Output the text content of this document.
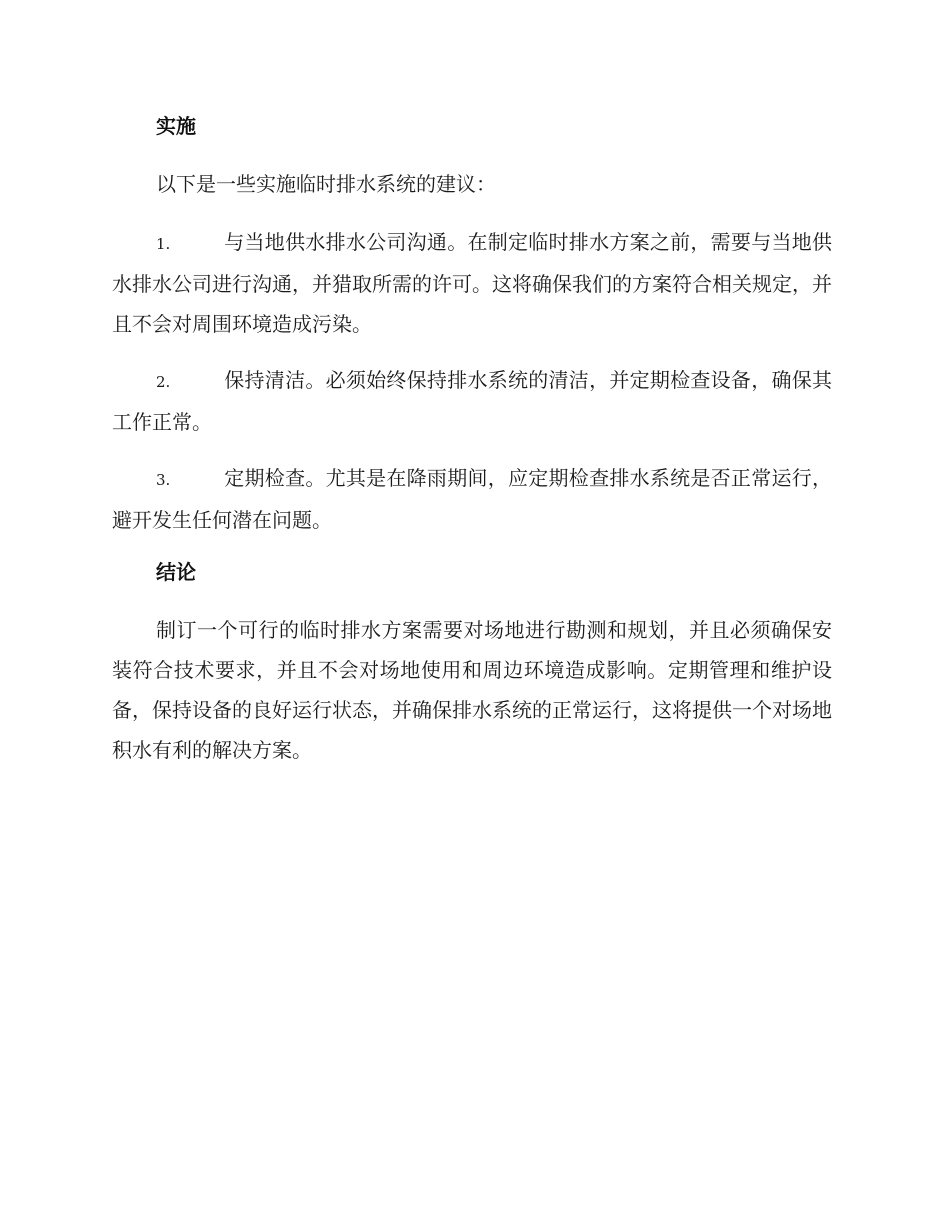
实施

以下是一些实施临时排水系统的建议：

1.	与当地供水排水公司沟通。在制定临时排水方案之前，需要与当地供水排水公司进行沟通，并猎取所需的许可。这将确保我们的方案符合相关规定，并且不会对周围环境造成污染。

2.	保持清洁。必须始终保持排水系统的清洁，并定期检查设备，确保其工作正常。

3.	定期检查。尤其是在降雨期间，应定期检查排水系统是否正常运行，避开发生任何潜在问题。

结论

制订一个可行的临时排水方案需要对场地进行勘测和规划，并且必须确保安装符合技术要求，并且不会对场地使用和周边环境造成影响。定期管理和维护设备，保持设备的良好运行状态，并确保排水系统的正常运行，这将提供一个对场地积水有利的解决方案。
